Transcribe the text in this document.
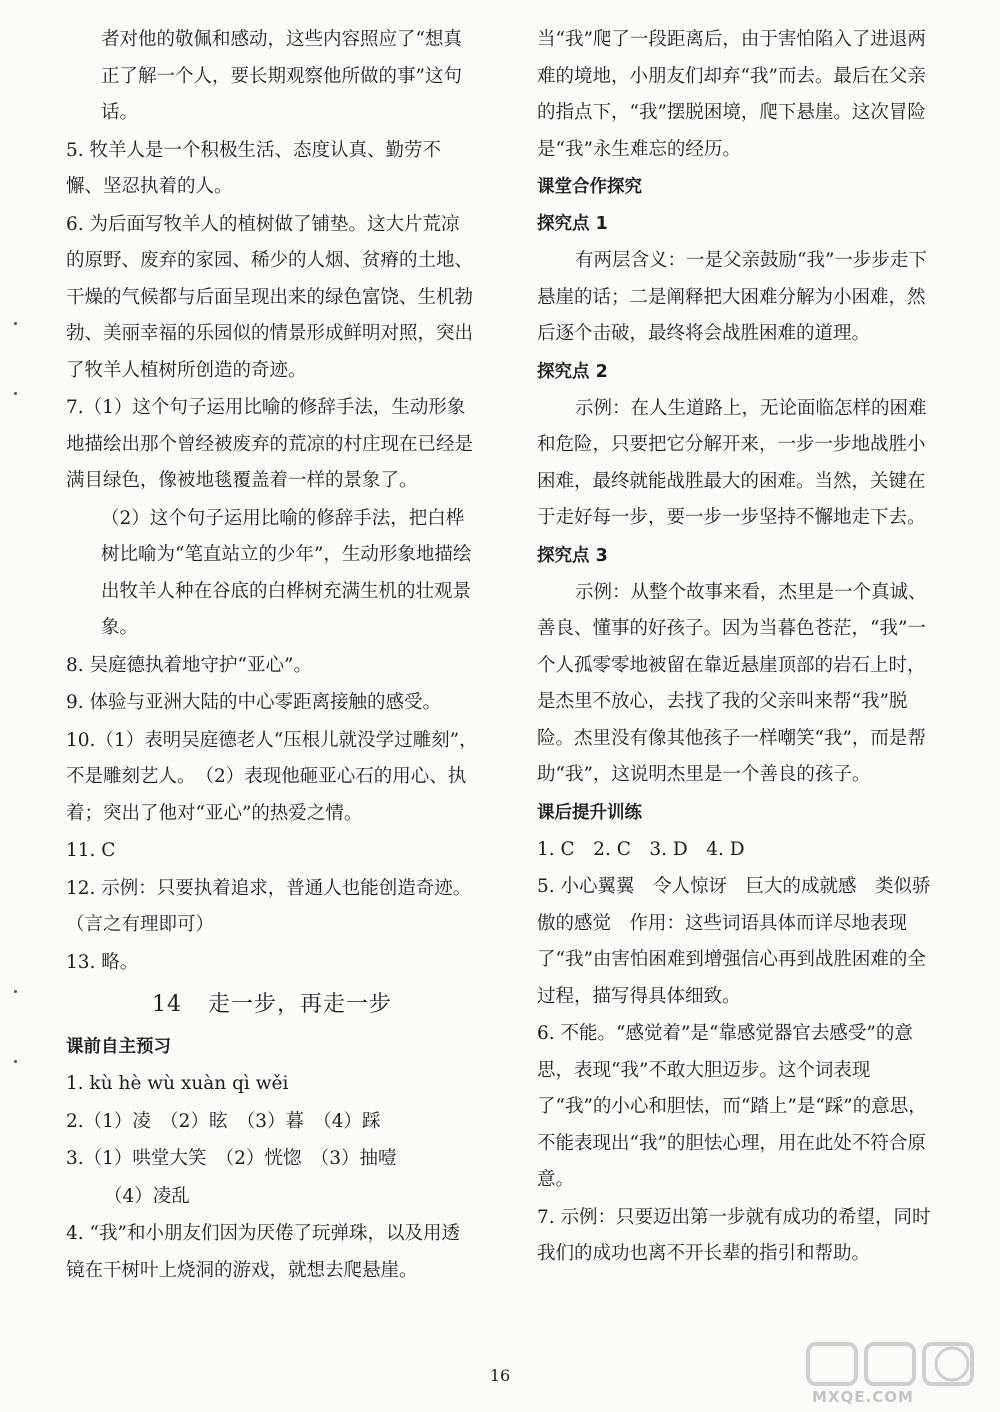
者对他的敬佩和感动，这些内容照应了“想真正了解一个人，要长期观察他所做的事”这句话。
5. 牧羊人是一个积极生活、态度认真、勤劳不懈、坚忍执着的人。
6. 为后面写牧羊人的植树做了铺垫。这大片荒凉的原野、废弃的家园、稀少的人烟、贫瘠的土地、干燥的气候都与后面呈现出来的绿色富饶、生机勃勃、美丽幸福的乐园似的情景形成鲜明对照，突出了牧羊人植树所创造的奇迹。
7.（1）这个句子运用比喻的修辞手法，生动形象地描绘出那个曾经被废弃的荒凉的村庄现在已经是满目绿色，像被地毯覆盖着一样的景象了。
（2）这个句子运用比喻的修辞手法，把白桦树比喻为“笔直站立的少年”，生动形象地描绘出牧羊人种在谷底的白桦树充满生机的壮观景象。
8. 吴庭德执着地守护“亚心”。
9. 体验与亚洲大陆的中心零距离接触的感受。
10.（1）表明吴庭德老人“压根儿就没学过雕刻”，不是雕刻艺人。　（2）表现他砸亚心石的用心、执着；突出了他对“亚心”的热爱之情。
11. C
12. 示例：只要执着追求，普通人也能创造奇迹。（言之有理即可）
13. 略。
14 走一步，再走一步
课前自主预习
1. kù hè wù xuàn qì wěi
2.（1）凌　（2）眩　（3）暮　（4）踩
3.（1）哄堂大笑　（2）恍惚　（3）抽噎
（4）凌乱
4. “我”和小朋友们因为厌倦了玩弹珠，以及用透镜在干树叶上烧洞的游戏，就想去爬悬崖。
当“我”爬了一段距离后，由于害怕陷入了进退两难的境地，小朋友们却弃“我”而去。最后在父亲的指点下，“我”摆脱困境，爬下悬崖。这次冒险是“我”永生难忘的经历。
课堂合作探究
探究点 1
有两层含义：一是父亲鼓励“我”一步步走下悬崖的话；二是阐释把大困难分解为小困难，然后逐个击破，最终将会战胜困难的道理。
探究点 2
示例：在人生道路上，无论面临怎样的困难和危险，只要把它分解开来，一步一步地战胜小困难，最终就能战胜最大的困难。当然，关键在于走好每一步，要一步一步坚持不懈地走下去。
探究点 3
示例：从整个故事来看，杰里是一个真诚、善良、懂事的好孩子。因为当暮色苍茫，“我”一个人孤零零地被留在靠近悬崖顶部的岩石上时，是杰里不放心，去找了我的父亲叫来帮“我”脱险。杰里没有像其他孩子一样嘲笑“我”，而是帮助“我”，这说明杰里是一个善良的孩子。
课后提升训练
1. C　2. C　3. D　4. D
5. 小心翼翼　令人惊讶　巨大的成就感　类似骄傲的感觉　作用：这些词语具体而详尽地表现了“我”由害怕困难到增强信心再到战胜困难的全过程，描写得具体细致。
6. 不能。“感觉着”是“靠感觉器官去感受”的意思，表现“我”不敢大胆迈步。这个词表现了“我”的小心和胆怯，而“踏上”是“踩”的意思，不能表现出“我”的胆怯心理，用在此处不符合原意。
7. 示例：只要迈出第一步就有成功的希望，同时我们的成功也离不开长辈的指引和帮助。
16
MXQE.COM
